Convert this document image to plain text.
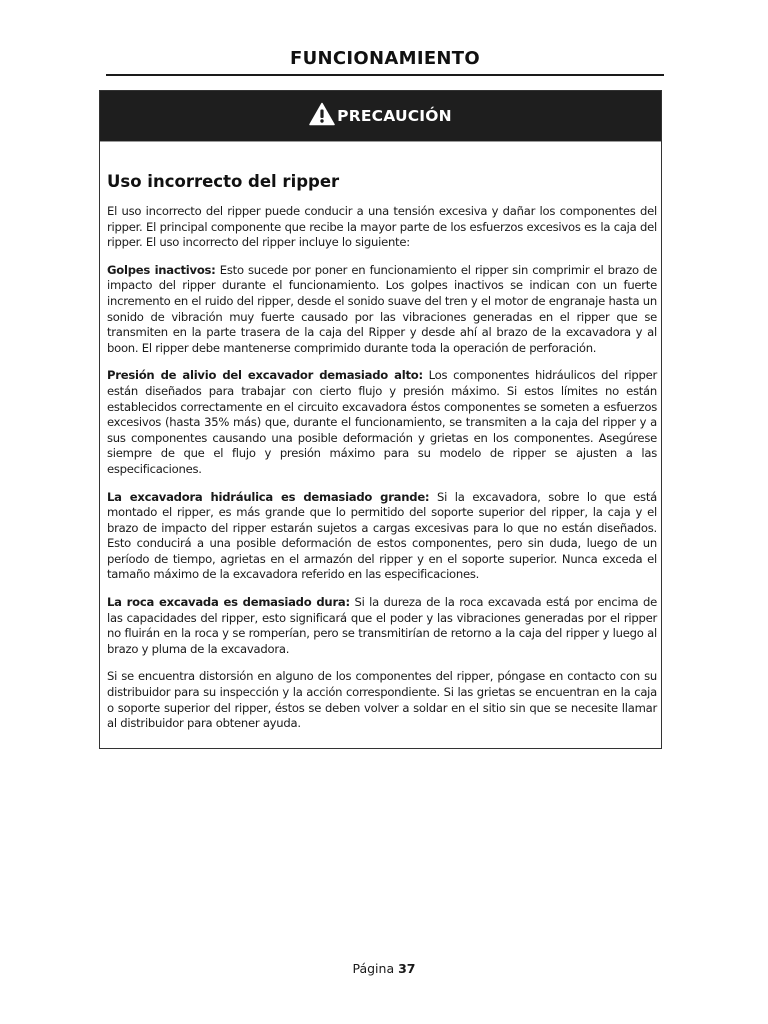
FUNCIONAMIENTO
PRECAUCIÓN
Uso incorrecto del ripper

El uso incorrecto del ripper puede conducir a una tensión excesiva y dañar los componentes del ripper. El principal componente que recibe la mayor parte de los esfuerzos excesivos es la caja del ripper. El uso incorrecto del ripper incluye lo siguiente:

Golpes inactivos: Esto sucede por poner en funcionamiento el ripper sin comprimir el brazo de impacto del ripper durante el funcionamiento. Los golpes inactivos se indican con un fuerte incremento en el ruido del ripper, desde el sonido suave del tren y el motor de engranaje hasta un sonido de vibración muy fuerte causado por las vibraciones generadas en el ripper que se transmiten en la parte trasera de la caja del Ripper y desde ahí al brazo de la excavadora y al boon. El ripper debe mantenerse comprimido durante toda la operación de perforación.

Presión de alivio del excavador demasiado alto: Los componentes hidráulicos del ripper están diseñados para trabajar con cierto flujo y presión máximo. Si estos límites no están establecidos correctamente en el circuito excavadora éstos componentes se someten a esfuerzos excesivos (hasta 35% más) que, durante el funcionamiento, se transmiten a la caja del ripper y a sus componentes causando una posible deformación y grietas en los componentes. Asegúrese siempre de que el flujo y presión máximo para su modelo de ripper se ajusten a las especificaciones.

La excavadora hidráulica es demasiado grande: Si la excavadora, sobre lo que está montado el ripper, es más grande que lo permitido del soporte superior del ripper, la caja y el brazo de impacto del ripper estarán sujetos a cargas excesivas para lo que no están diseñados. Esto conducirá a una posible deformación de estos componentes, pero sin duda, luego de un período de tiempo, agrietas en el armazón del ripper y en el soporte superior. Nunca exceda el tamaño máximo de la excavadora referido en las especificaciones.

La roca excavada es demasiado dura: Si la dureza de la roca excavada está por encima de las capacidades del ripper, esto significará que el poder y las vibraciones generadas por el ripper no fluirán en la roca y se romperían, pero se transmitirían de retorno a la caja del ripper y luego al brazo y pluma de la excavadora.

Si se encuentra distorsión en alguno de los componentes del ripper, póngase en contacto con su distribuidor para su inspección y la acción correspondiente. Si las grietas se encuentran en la caja o soporte superior del ripper, éstos se deben volver a soldar en el sitio sin que se necesite llamar al distribuidor para obtener ayuda.

Página 37
